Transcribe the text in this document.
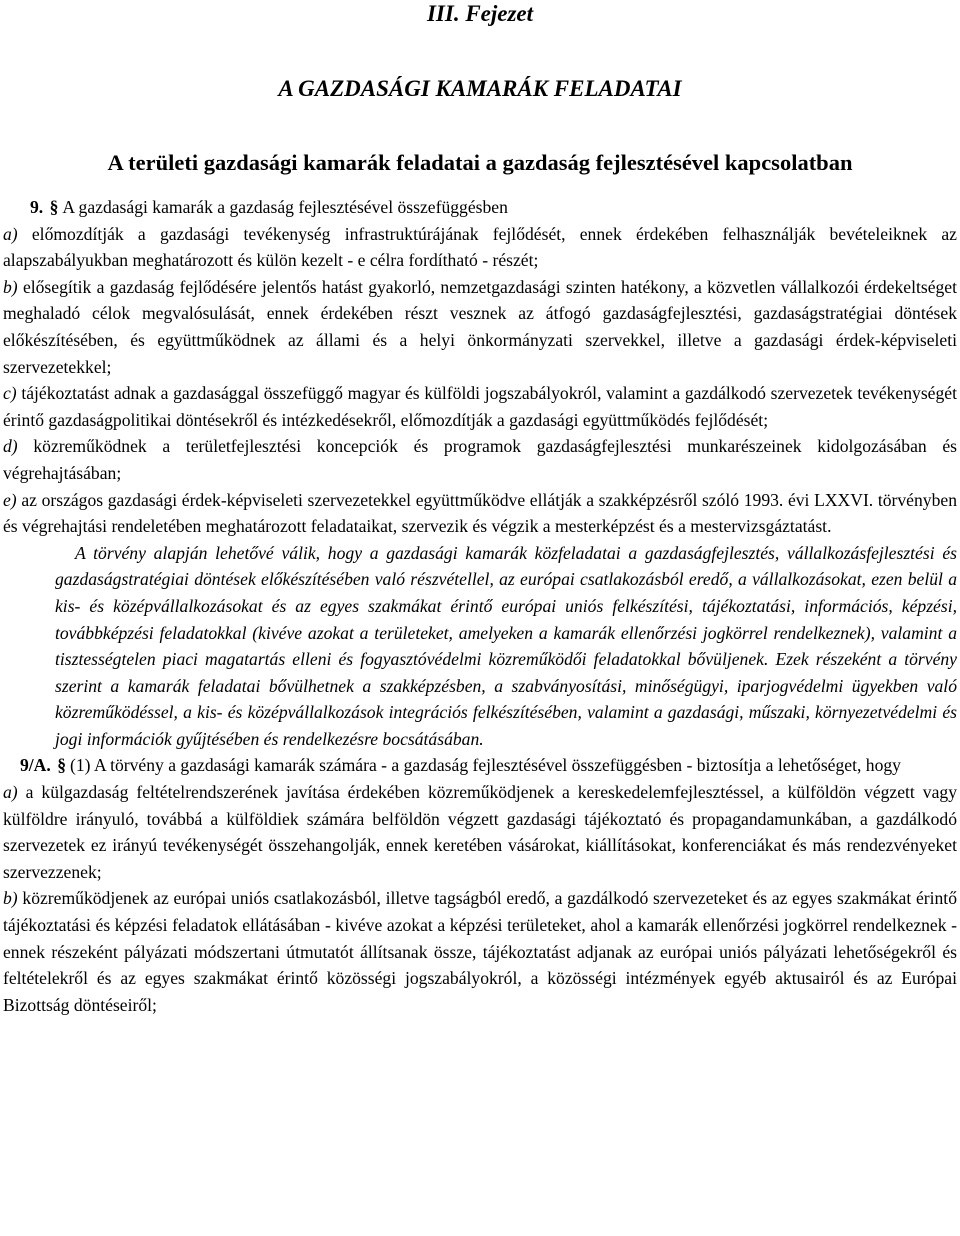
III. Fejezet
A GAZDASÁGI KAMARÁK FELADATAI
A területi gazdasági kamarák feladatai a gazdaság fejlesztésével kapcsolatban

9. § A gazdasági kamarák a gazdaság fejlesztésével összefüggésben

a) előmozdítják a gazdasági tevékenység infrastruktúrájának fejlődését, ennek érdekében felhasználják bevételeiknek az alapszabályukban meghatározott és külön kezelt - e célra fordítható - részét;

b) elősegítik a gazdaság fejlődésére jelentős hatást gyakorló, nemzetgazdasági szinten hatékony, a közvetlen vállalkozói érdekeltséget meghaladó célok megvalósulását, ennek érdekében részt vesznek az átfogó gazdaságfejlesztési, gazdaságstratégiai döntések előkészítésében, és együttműködnek az állami és a helyi önkormányzati szervekkel, illetve a gazdasági érdek-képviseleti szervezetekkel;

c) tájékoztatást adnak a gazdasággal összefüggő magyar és külföldi jogszabályokról, valamint a gazdálkodó szervezetek tevékenységét érintő gazdaságpolitikai döntésekről és intézkedésekről, előmozdítják a gazdasági együttműködés fejlődését;

d) közreműködnek a területfejlesztési koncepciók és programok gazdaságfejlesztési munkarészeinek kidolgozásában és végrehajtásában;

e) az országos gazdasági érdek-képviseleti szervezetekkel együttműködve ellátják a szakképzésről szóló 1993. évi LXXVI. törvényben és végrehajtási rendeletében meghatározott feladataikat, szervezik és végzik a mesterképzést és a mestervizsgáztatást.

A törvény alapján lehetővé válik, hogy a gazdasági kamarák közfeladatai a gazdaságfejlesztés, vállalkozásfejlesztési és gazdaságstratégiai döntések előkészítésében való részvétellel, az európai csatlakozásból eredő, a vállalkozásokat, ezen belül a kis- és középvállalkozásokat és az egyes szakmákat érintő európai uniós felkészítési, tájékoztatási, információs, képzési, továbbképzési feladatokkal (kivéve azokat a területeket, amelyeken a kamarák ellenőrzési jogkörrel rendelkeznek), valamint a tisztességtelen piaci magatartás elleni és fogyasztóvédelmi közreműködői feladatokkal bővüljenek. Ezek részeként a törvény szerint a kamarák feladatai bővülhetnek a szakképzésben, a szabványosítási, minőségügyi, iparjogvédelmi ügyekben való közreműködéssel, a kis- és középvállalkozások integrációs felkészítésében, valamint a gazdasági, műszaki, környezetvédelmi és jogi információk gyűjtésében és rendelkezésre bocsátásában.

9/A. § (1) A törvény a gazdasági kamarák számára - a gazdaság fejlesztésével összefüggésben - biztosítja a lehetőséget, hogy

a) a külgazdaság feltételrendszerének javítása érdekében közreműködjenek a kereskedelemfejlesztéssel, a külföldön végzett vagy külföldre irányuló, továbbá a külföldiek számára belföldön végzett gazdasági tájékoztató és propagandamunkában, a gazdálkodó szervezetek ez irányú tevékenységét összehangolják, ennek keretében vásárokat, kiállításokat, konferenciákat és más rendezvényeket szervezzenek;

b) közreműködjenek az európai uniós csatlakozásból, illetve tagságból eredő, a gazdálkodó szervezeteket és az egyes szakmákat érintő tájékoztatási és képzési feladatok ellátásában - kivéve azokat a képzési területeket, ahol a kamarák ellenőrzési jogkörrel rendelkeznek - ennek részeként pályázati módszertani útmutatót állítsanak össze, tájékoztatást adjanak az európai uniós pályázati lehetőségekről és feltételekről és az egyes szakmákat érintő közösségi jogszabályokról, a közösségi intézmények egyéb aktusairól és az Európai Bizottság döntéseiről;
